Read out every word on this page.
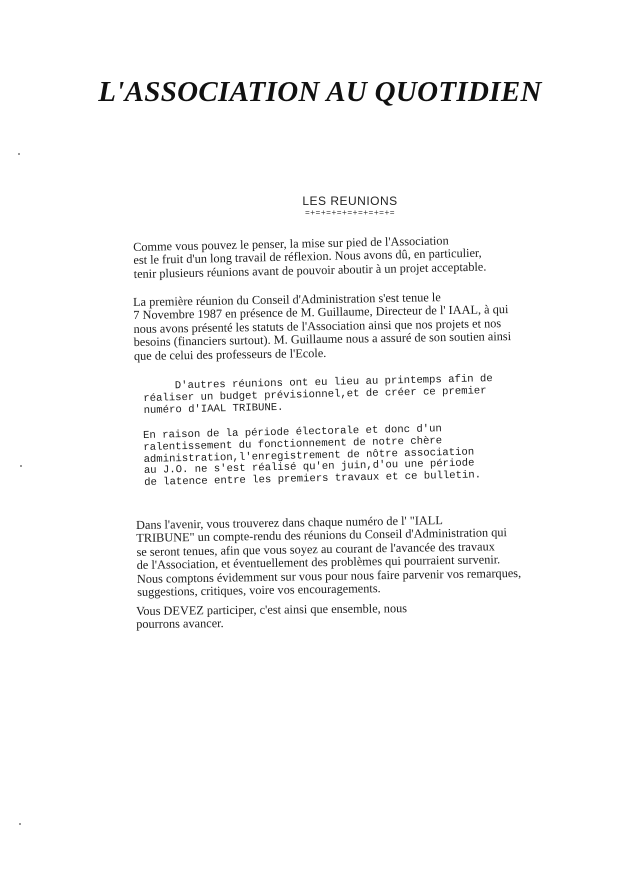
L'ASSOCIATION AU QUOTIDIEN
LES REUNIONS
=+=+=+=+=+=+=+=+=

Comme vous pouvez le penser, la mise sur pied de l'Association
est le fruit d'un long travail de réflexion. Nous avons dû, en particulier,
tenir plusieurs réunions avant de pouvoir aboutir à un projet acceptable.

La première réunion du Conseil d'Administration s'est tenue le
7 Novembre 1987 en présence de M. Guillaume, Directeur de l' IAAL, à qui
nous avons présenté les statuts de l'Association ainsi que nos projets et nos
besoins (financiers surtout). M. Guillaume nous a assuré de son soutien ainsi
que de celui des professeurs de l'Ecole.

D'autres réunions ont eu lieu au printemps afin de
réaliser un budget prévisionnel,et de créer ce premier
numéro d'IAAL TRIBUNE.

En raison de la période électorale et donc d'un
ralentissement du fonctionnement de notre chère
administration,l'enregistrement de nôtre association
au J.O. ne s'est réalisé qu'en juin,d'ou une période
de latence entre les premiers travaux et ce bulletin.

Dans l'avenir, vous trouverez dans chaque numéro de l' "IALL
TRIBUNE" un compte-rendu des réunions du Conseil d'Administration qui
se seront tenues, afin que vous soyez au courant de l'avancée des travaux
de l'Association, et éventuellement des problèmes qui pourraient survenir.
Nous comptons évidemment sur vous pour nous faire parvenir vos remarques,
suggestions, critiques, voire vos encouragements.

Vous DEVEZ participer, c'est ainsi que ensemble, nous
pourrons avancer.
